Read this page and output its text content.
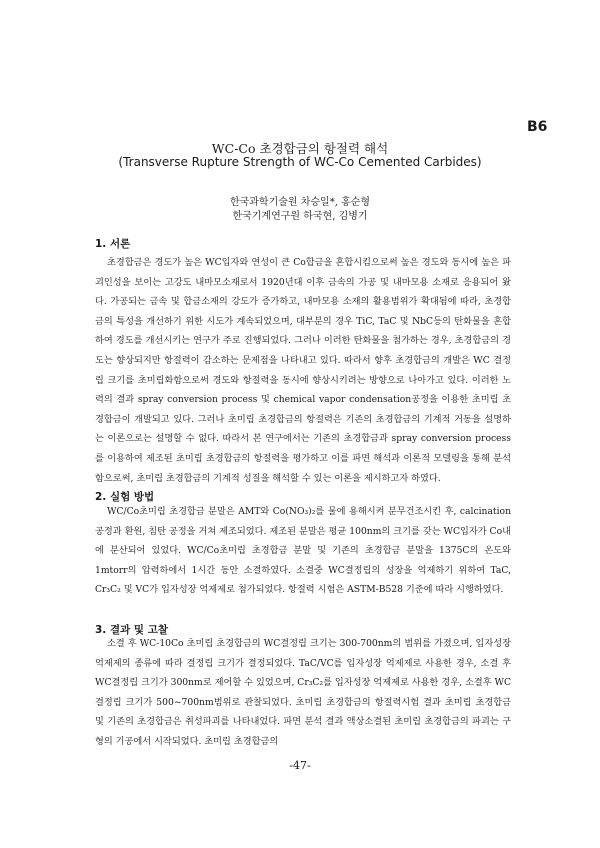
B6
WC-Co 초경합금의 항절력 해석
(Transverse Rupture Strength of WC-Co Cemented Carbides)
한국과학기술원 차승일*, 홍순형
한국기계연구원 하국현, 김병기
1. 서론
초경합금은 경도가 높은 WC입자와 연성이 큰 Co합금을 혼합시킴으로써 높은 경도와 동시에 높은 파괴인성을 보이는 고강도 내마모소재로서 1920년대 이후 금속의 가공 및 내마모용 소재로 응용되어 왔다. 가공되는 금속 및 합금소재의 강도가 증가하고, 내마모용 소재의 활용범위가 확대됨에 따라, 초경합금의 특성을 개선하기 위한 시도가 계속되었으며, 대부분의 경우 TiC, TaC 및 NbC등의 탄화물을 혼합하여 경도를 개선시키는 연구가 주로 진행되었다. 그러나 이러한 탄화물을 첨가하는 경우, 초경합금의 경도는 향상되지만 항절력이 감소하는 문제점을 나타내고 있다. 따라서 향후 초경합금의 개발은 WC 결정립 크기를 초미립화함으로써 경도와 항절력을 동시에 향상시키려는 방향으로 나아가고 있다. 이러한 노력의 결과 spray conversion process 및 chemical vapor condensation공정을 이용한 초미립 초경합금이 개발되고 있다. 그러나 초미립 초경합금의 항절력은 기존의 초경합금의 기계적 거동을 설명하는 이론으로는 설명할 수 없다. 따라서 본 연구에서는 기존의 초경합금과 spray conversion process를 이용하여 제조된 초미립 초경합금의 항절력을 평가하고 이를 파면 해석과 이론적 모델링을 통해 분석함으로써, 초미립 초경합금의 기계적 성질을 해석할 수 있는 이론을 제시하고자 하였다.
2. 실험 방법
WC/Co초미립 초경합금 분말은 AMT와 Co(NO₃)₂를 물에 용해시켜 분무건조시킨 후, calcination공정과 환원, 침탄 공정을 거쳐 제조되었다. 제조된 분말은 평균 100nm의 크기를 갖는 WC입자가 Co내에 분산되어 있었다. WC/Co초미립 초경합금 분말 및 기존의 초경합금 분말을 1375C의 온도와 1mtorr의 압력하에서 1시간 동안 소결하였다. 소결중 WC결정립의 성장을 억제하기 위하여 TaC, Cr₃C₂ 및 VC가 입자성장 억제제로 첨가되었다. 항절력 시험은 ASTM-B528 기준에 따라 시행하였다.
3. 결과 및 고찰
소결 후 WC-10Co 초미립 초경합금의 WC결정립 크기는 300-700nm의 범위를 가졌으며, 입자성장 억제제의 종류에 따라 결정립 크기가 결정되었다. TaC/VC를 입자성장 억제제로 사용한 경우, 소결 후 WC결정립 크기가 300nm로 제어할 수 있었으며, Cr₃C₂를 입자성장 억제제로 사용한 경우, 소결후 WC결정립 크기가 500~700nm범위로 관찰되었다. 초미립 초경합금의 항절력시험 결과 초미립 초경합금 및 기존의 초경합금은 취성파괴를 나타내었다. 파면 분석 결과 액상소결된 초미립 초경합금의 파괴는 구형의 기공에서 시작되었다. 초미립 초경합금의
-47-
